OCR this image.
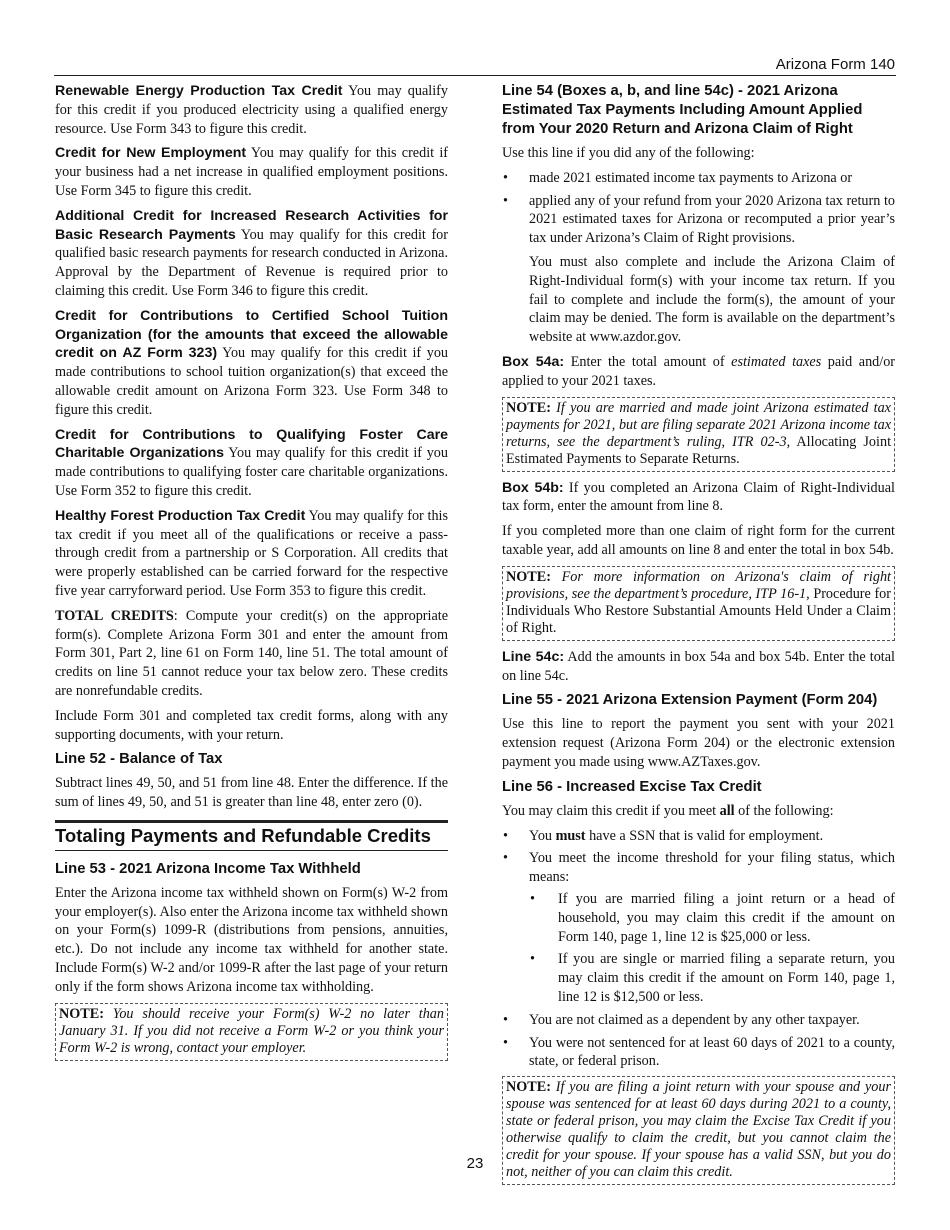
Arizona Form 140

Renewable Energy Production Tax Credit You may qualify for this credit if you produced electricity using a qualified energy resource. Use Form 343 to figure this credit.

Credit for New Employment You may qualify for this credit if your business had a net increase in qualified employment positions. Use Form 345 to figure this credit.

Additional Credit for Increased Research Activities for Basic Research Payments You may qualify for this credit for qualified basic research payments for research conducted in Arizona. Approval by the Department of Revenue is required prior to claiming this credit. Use Form 346 to figure this credit.

Credit for Contributions to Certified School Tuition Organization (for the amounts that exceed the allowable credit on AZ Form 323) You may qualify for this credit if you made contributions to school tuition organization(s) that exceed the allowable credit amount on Arizona Form 323. Use Form 348 to figure this credit.

Credit for Contributions to Qualifying Foster Care Charitable Organizations You may qualify for this credit if you made contributions to qualifying foster care charitable organizations. Use Form 352 to figure this credit.

Healthy Forest Production Tax Credit You may qualify for this tax credit if you meet all of the qualifications or receive a pass-through credit from a partnership or S Corporation. All credits that were properly established can be carried forward for the respective five year carryforward period. Use Form 353 to figure this credit.

TOTAL CREDITS: Compute your credit(s) on the appropriate form(s). Complete Arizona Form 301 and enter the amount from Form 301, Part 2, line 61 on Form 140, line 51. The total amount of credits on line 51 cannot reduce your tax below zero. These credits are nonrefundable credits.

Include Form 301 and completed tax credit forms, along with any supporting documents, with your return.

Line 52 - Balance of Tax

Subtract lines 49, 50, and 51 from line 48. Enter the difference. If the sum of lines 49, 50, and 51 is greater than line 48, enter zero (0).

Totaling Payments and Refundable Credits
Line 53 - 2021 Arizona Income Tax Withheld

Enter the Arizona income tax withheld shown on Form(s) W-2 from your employer(s). Also enter the Arizona income tax withheld shown on your Form(s) 1099-R (distributions from pensions, annuities, etc.). Do not include any income tax withheld for another state. Include Form(s) W-2 and/or 1099-R after the last page of your return only if the form shows Arizona income tax withholding.

NOTE: You should receive your Form(s) W-2 no later than January 31. If you did not receive a Form W-2 or you think your Form W-2 is wrong, contact your employer.
Line 54 (Boxes a, b, and line 54c) - 2021 Arizona Estimated Tax Payments Including Amount Applied from Your 2020 Return and Arizona Claim of Right

Use this line if you did any of the following:

• made 2021 estimated income tax payments to Arizona or
• applied any of your refund from your 2020 Arizona tax return to 2021 estimated taxes for Arizona or recomputed a prior year’s tax under Arizona’s Claim of Right provisions.

You must also complete and include the Arizona Claim of Right-Individual form(s) with your income tax return. If you fail to complete and include the form(s), the amount of your claim may be denied. The form is available on the department’s website at www.azdor.gov.

Box 54a: Enter the total amount of estimated taxes paid and/or applied to your 2021 taxes.

NOTE: If you are married and made joint Arizona estimated tax payments for 2021, but are filing separate 2021 Arizona income tax returns, see the department’s ruling, ITR 02-3, Allocating Joint Estimated Payments to Separate Returns.

Box 54b: If you completed an Arizona Claim of Right-Individual tax form, enter the amount from line 8.

If you completed more than one claim of right form for the current taxable year, add all amounts on line 8 and enter the total in box 54b.

NOTE: For more information on Arizona's claim of right provisions, see the department’s procedure, ITP 16-1, Procedure for Individuals Who Restore Substantial Amounts Held Under a Claim of Right.

Line 54c: Add the amounts in box 54a and box 54b. Enter the total on line 54c.

Line 55 - 2021 Arizona Extension Payment (Form 204)

Use this line to report the payment you sent with your 2021 extension request (Arizona Form 204) or the electronic extension payment you made using www.AZTaxes.gov.

Line 56 - Increased Excise Tax Credit

You may claim this credit if you meet all of the following:

• You must have a SSN that is valid for employment.
• You meet the income threshold for your filing status, which means:
• If you are married filing a joint return or a head of household, you may claim this credit if the amount on Form 140, page 1, line 12 is $25,000 or less.
• If you are single or married filing a separate return, you may claim this credit if the amount on Form 140, page 1, line 12 is $12,500 or less.
• You are not claimed as a dependent by any other taxpayer.
• You were not sentenced for at least 60 days of 2021 to a county, state, or federal prison.
NOTE: If you are filing a joint return with your spouse and your spouse was sentenced for at least 60 days during 2021 to a county, state or federal prison, you may claim the Excise Tax Credit if you otherwise qualify to claim the credit, but you cannot claim the credit for your spouse. If your spouse has a valid SSN, but you do not, neither of you can claim this credit.
23
